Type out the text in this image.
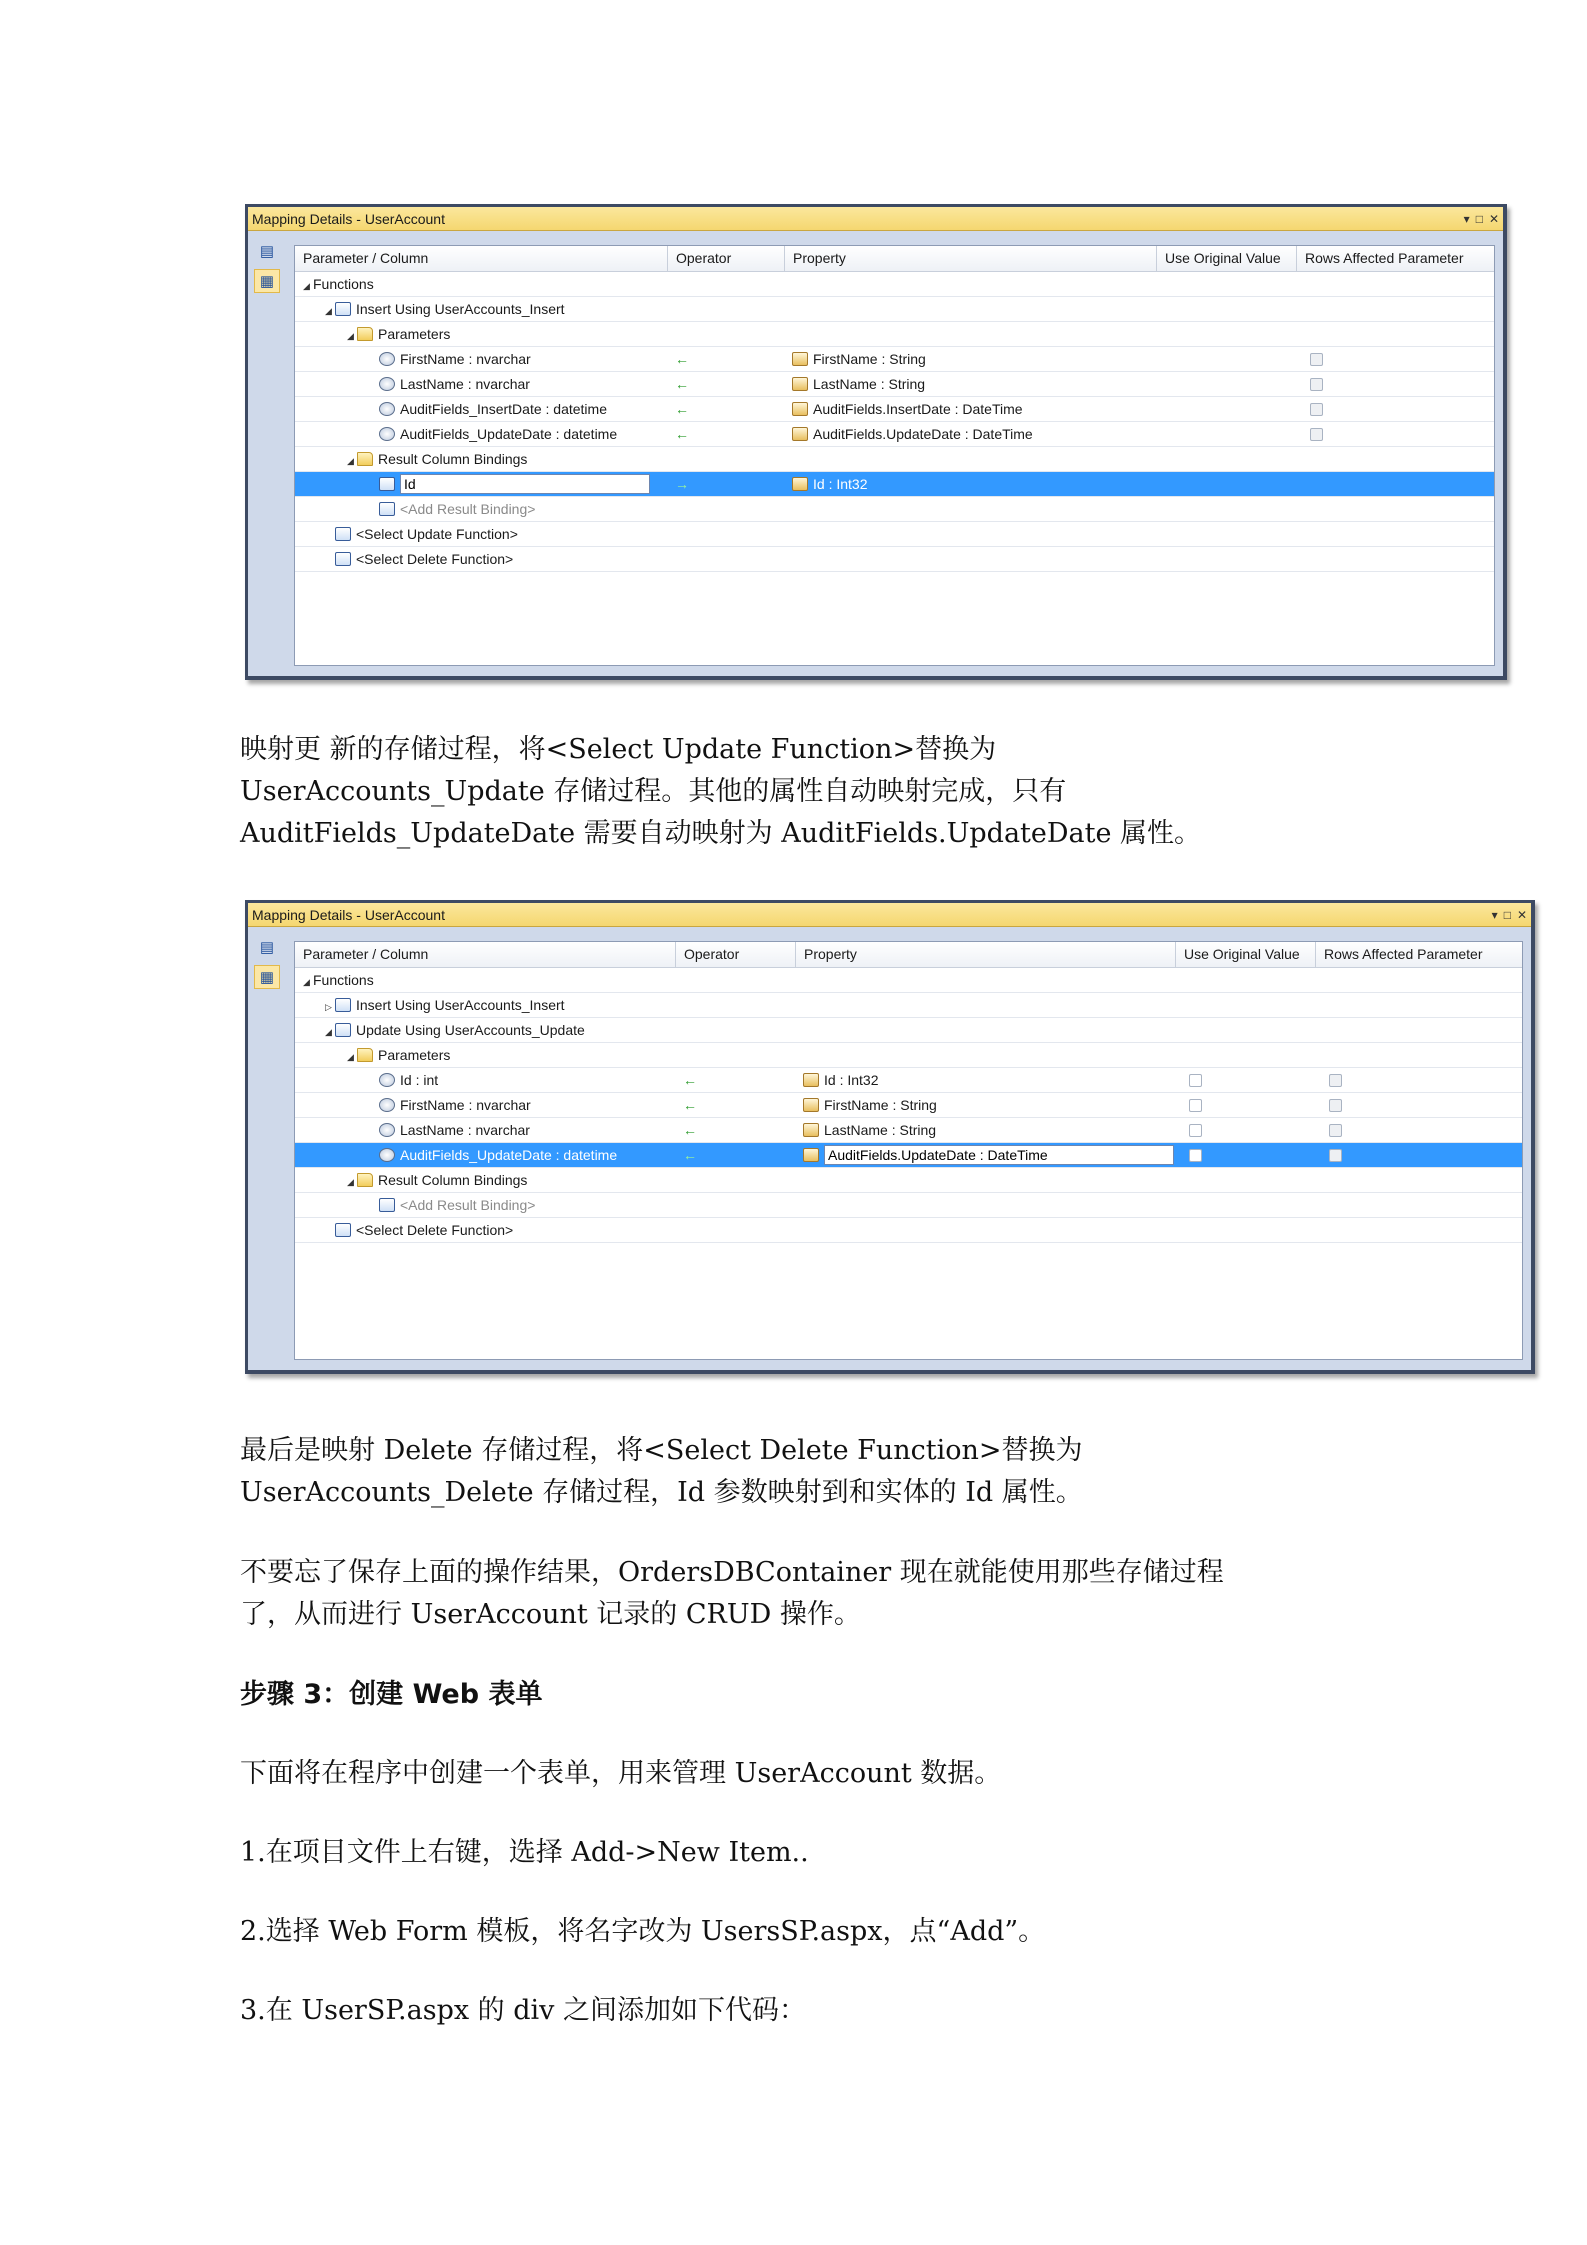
Mapping Details - UserAccount	▾ □ ✕
▤
▦
Parameter / Column	Operator	Property	Use Original Value	Rows Affected Parameter
◢ Functions
◢ Insert Using UserAccounts_Insert
◢ Parameters
FirstName : nvarchar	←	FirstName : String
LastName : nvarchar	←	LastName : String
AuditFields_InsertDate : datetime	←	AuditFields.InsertDate : DateTime
AuditFields_UpdateDate : datetime	←	AuditFields.UpdateDate : DateTime
◢ Result Column Bindings
Id	→	Id : Int32
<Add Result Binding>
<Select Update Function>
<Select Delete Function>
Mapping Details - UserAccount	▾ □ ✕
▤
▦
Parameter / Column	Operator	Property	Use Original Value	Rows Affected Parameter
◢ Functions
▷ Insert Using UserAccounts_Insert
◢ Update Using UserAccounts_Update
◢ Parameters
Id : int	←	Id : Int32
FirstName : nvarchar	←	FirstName : String
LastName : nvarchar	←	LastName : String
AuditFields_UpdateDate : datetime	←	AuditFields.UpdateDate : DateTime
◢ Result Column Bindings
<Add Result Binding>
<Select Delete Function>

映射更 新的存储过程，将<Select Update Function>替换为

UserAccounts_Update 存储过程。其他的属性自动映射完成，只有

AuditFields_UpdateDate 需要自动映射为 AuditFields.UpdateDate 属性。

最后是映射 Delete 存储过程，将<Select Delete Function>替换为

UserAccounts_Delete 存储过程，Id 参数映射到和实体的 Id 属性。

不要忘了保存上面的操作结果，OrdersDBContainer 现在就能使用那些存储过程

了，从而进行 UserAccount 记录的 CRUD 操作。

步骤 3：创建 Web 表单

下面将在程序中创建一个表单，用来管理 UserAccount 数据。

1.在项目文件上右键，选择 Add->New Item..

2.选择 Web Form 模板，将名字改为 UsersSP.aspx，点“Add”。

3.在 UserSP.aspx 的 div 之间添加如下代码：
